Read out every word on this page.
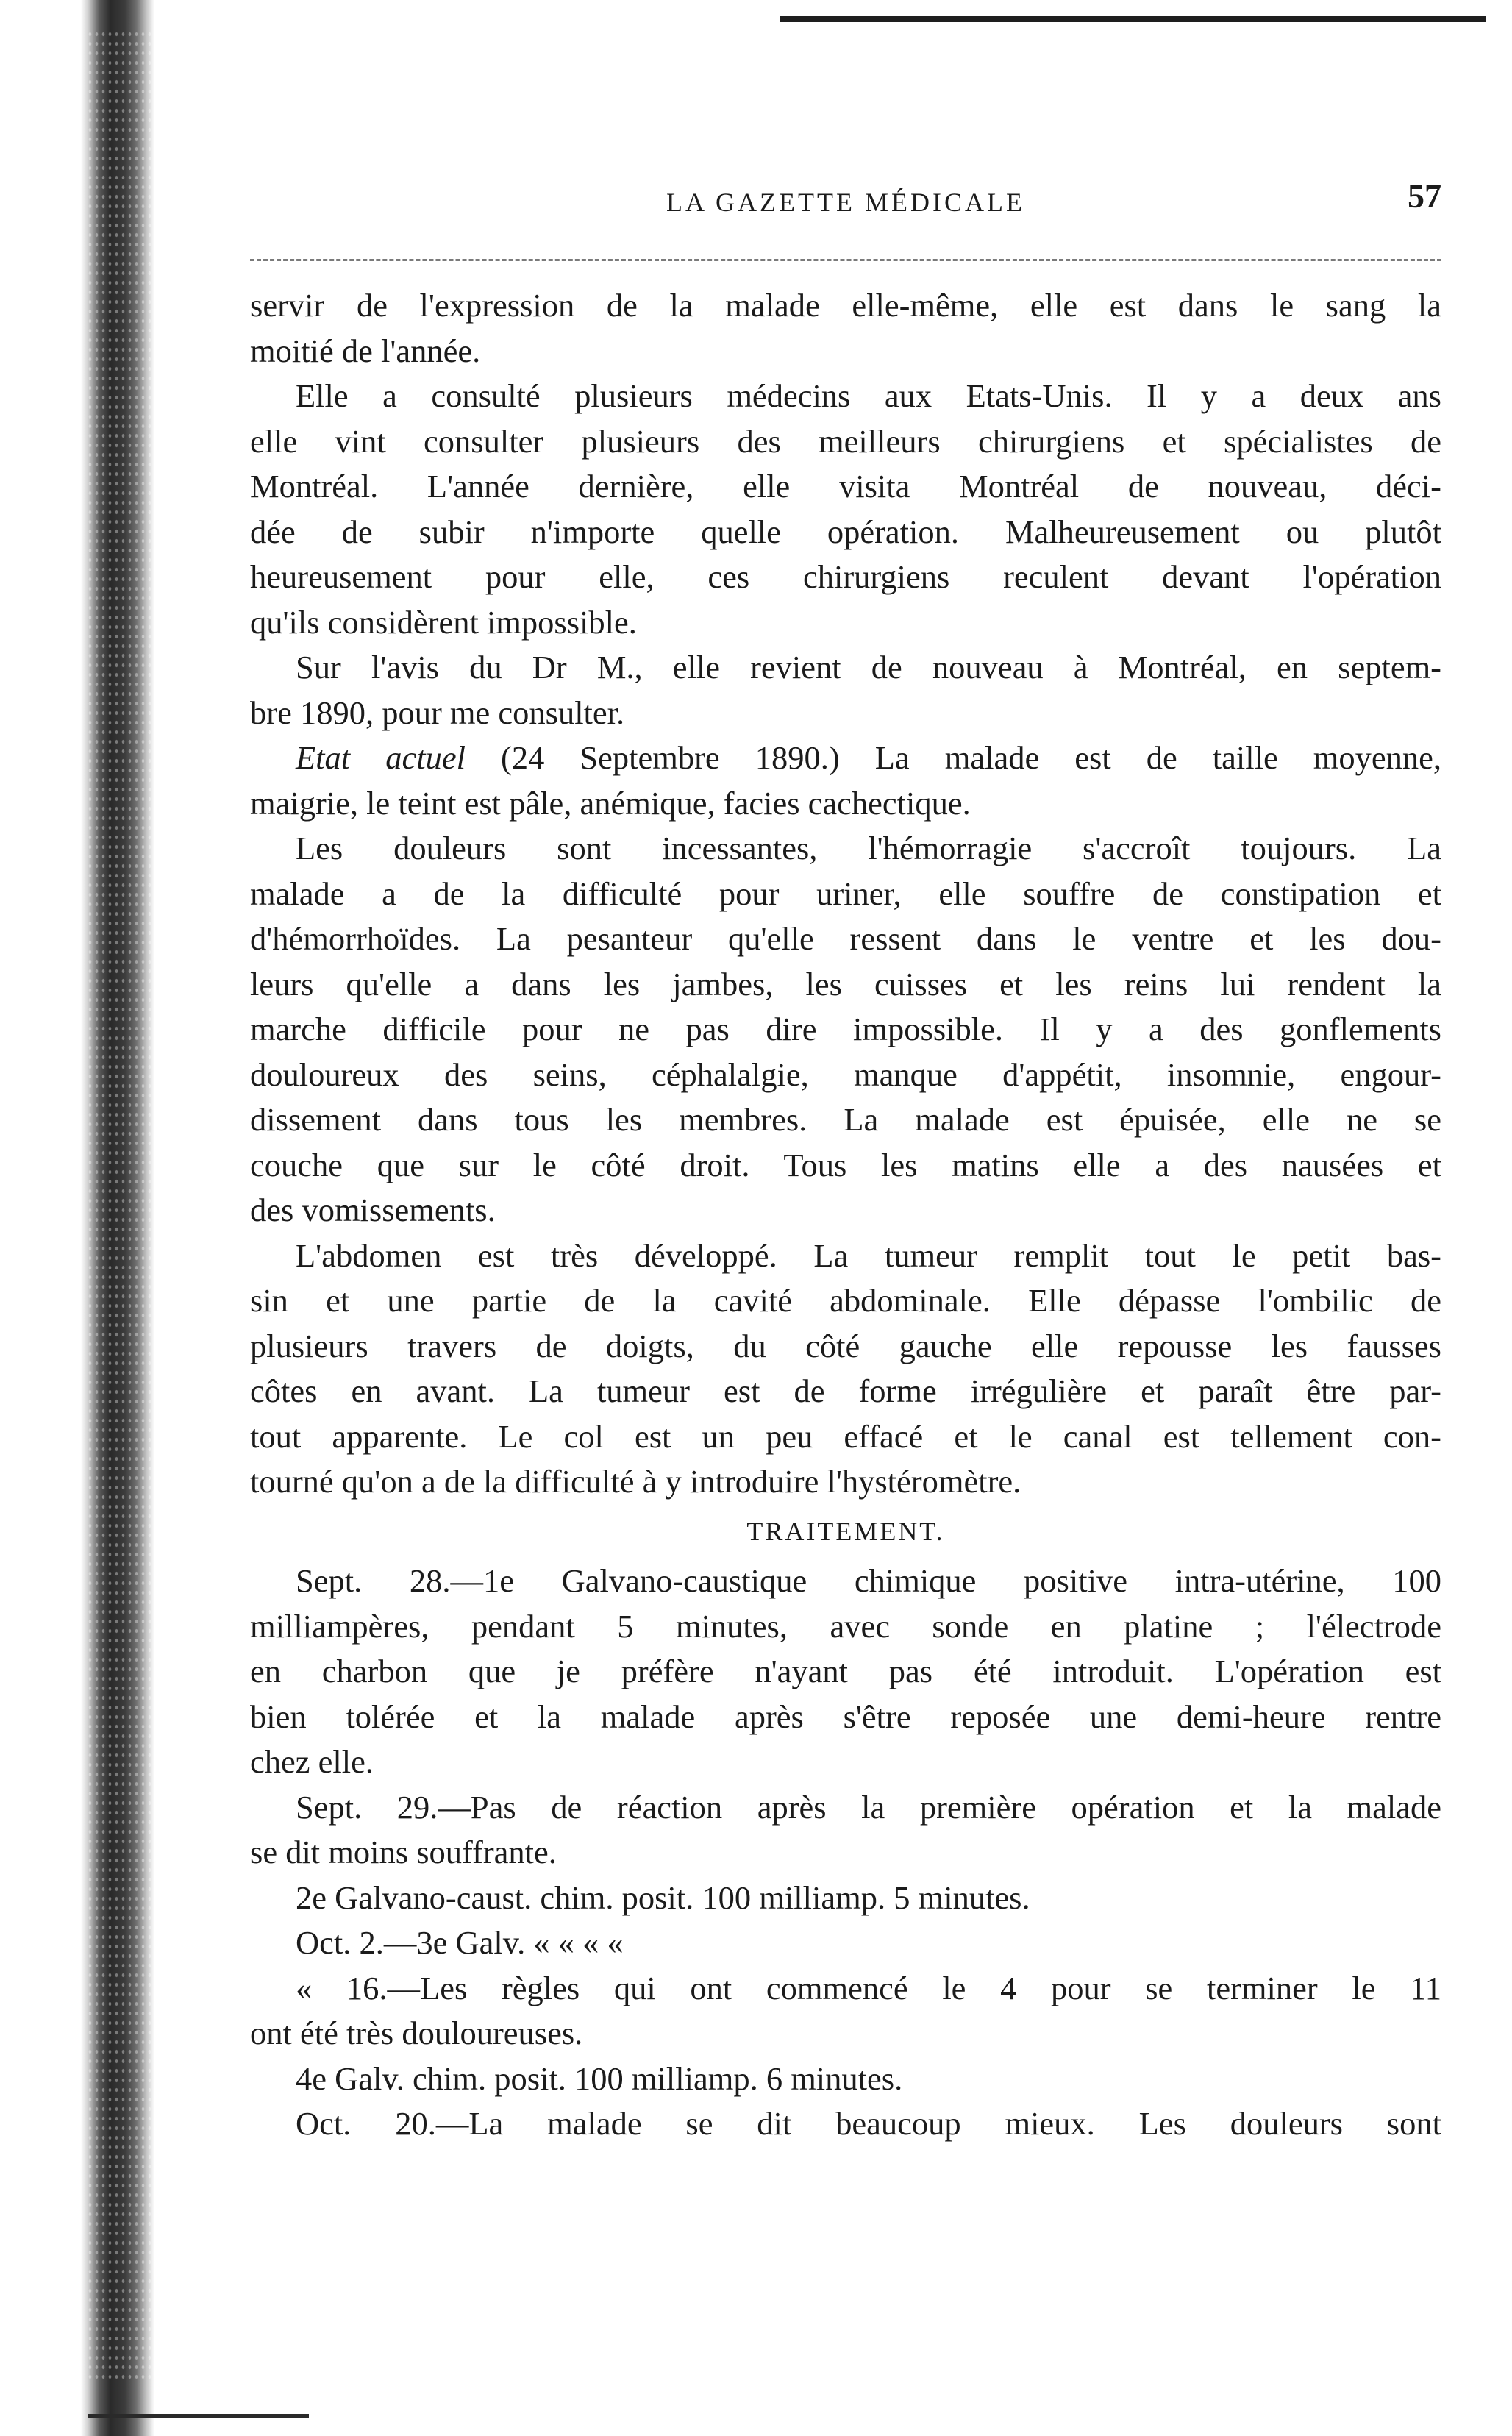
LA GAZETTE MÉDICALE	57
servir de l'expression de la malade elle-même, elle est dans le sang la
moitié de l'année.
Elle a consulté plusieurs médecins aux Etats-Unis. Il y a deux ans
elle vint consulter plusieurs des meilleurs chirurgiens et spécialistes de
Montréal. L'année dernière, elle visita Montréal de nouveau, déci-
dée de subir n'importe quelle opération. Malheureusement ou plutôt
heureusement pour elle, ces chirurgiens reculent devant l'opération
qu'ils considèrent impossible.
Sur l'avis du Dr M., elle revient de nouveau à Montréal, en septem-
bre 1890, pour me consulter.
Etat actuel (24 Septembre 1890.) La malade est de taille moyenne,
maigrie, le teint est pâle, anémique, facies cachectique.
Les douleurs sont incessantes, l'hémorragie s'accroît toujours. La
malade a de la difficulté pour uriner, elle souffre de constipation et
d'hémorrhoïdes. La pesanteur qu'elle ressent dans le ventre et les dou-
leurs qu'elle a dans les jambes, les cuisses et les reins lui rendent la
marche difficile pour ne pas dire impossible. Il y a des gonflements
douloureux des seins, céphalalgie, manque d'appétit, insomnie, engour-
dissement dans tous les membres. La malade est épuisée, elle ne se
couche que sur le côté droit. Tous les matins elle a des nausées et
des vomissements.
L'abdomen est très développé. La tumeur remplit tout le petit bas-
sin et une partie de la cavité abdominale. Elle dépasse l'ombilic de
plusieurs travers de doigts, du côté gauche elle repousse les fausses
côtes en avant. La tumeur est de forme irrégulière et paraît être par-
tout apparente. Le col est un peu effacé et le canal est tellement con-
tourné qu'on a de la difficulté à y introduire l'hystéromètre.
TRAITEMENT.
Sept. 28.—1e Galvano-caustique chimique positive intra-utérine, 100
milliampères, pendant 5 minutes, avec sonde en platine ; l'électrode
en charbon que je préfère n'ayant pas été introduit. L'opération est
bien tolérée et la malade après s'être reposée une demi-heure rentre
chez elle.
Sept. 29.—Pas de réaction après la première opération et la malade
se dit moins souffrante.
2e Galvano-caust. chim. posit. 100 milliamp. 5 minutes.
Oct. 2.—3e Galv. « « « «
« 16.—Les règles qui ont commencé le 4 pour se terminer le 11
ont été très douloureuses.
4e Galv. chim. posit. 100 milliamp. 6 minutes.
Oct. 20.—La malade se dit beaucoup mieux. Les douleurs sont
